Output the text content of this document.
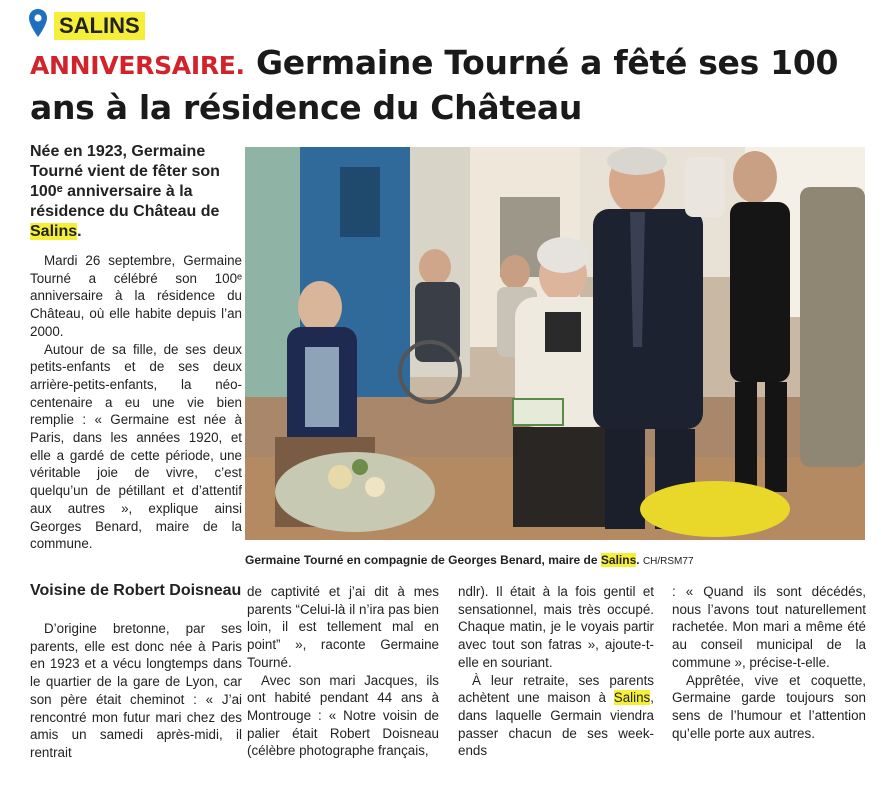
SALINS
ANNIVERSAIRE. Germaine Tourné a fêté ses 100 ans à la résidence du Château
Née en 1923, Germaine Tourné vient de fêter son 100ᵉ anniversaire à la résidence du Château de Salins.

Mardi 26 septembre, Germaine Tourné a célébré son 100ᵉ anniversaire à la résidence du Château, où elle habite depuis l’an 2000.

Autour de sa fille, de ses deux petits-enfants et de ses deux arrière-petits-enfants, la néo-centenaire a eu une vie bien remplie : « Germaine est née à Paris, dans les années 1920, et elle a gardé de cette période, une véritable joie de vivre, c’est quelqu’un de pétillant et d’attentif aux autres », explique ainsi Georges Benard, maire de la commune.

Germaine Tourné en compagnie de Georges Benard, maire de Salins. CH/RSM77
Voisine de Robert Doisneau

D’origine bretonne, par ses parents, elle est donc née à Paris en 1923 et a vécu longtemps dans le quartier de la gare de Lyon, car son père était cheminot : « J’ai rencontré mon futur mari chez des amis un samedi après-midi, il rentrait

de captivité et j’ai dit à mes parents “Celui-là il n’ira pas bien loin, il est tellement mal en point” », raconte Germaine Tourné.

Avec son mari Jacques, ils ont habité pendant 44 ans à Montrouge : « Notre voisin de palier était Robert Doisneau (célèbre photographe français,

ndlr). Il était à la fois gentil et sensationnel, mais très occupé. Chaque matin, je le voyais partir avec tout son fatras », ajoute-t-elle en souriant.

À leur retraite, ses parents achètent une maison à Salins, dans laquelle Germain viendra passer chacun de ses week-ends

: « Quand ils sont décédés, nous l’avons tout naturellement rachetée. Mon mari a même été au conseil municipal de la commune », précise-t-elle.

Apprêtée, vive et coquette, Germaine garde toujours son sens de l’humour et l’attention qu’elle porte aux autres.
